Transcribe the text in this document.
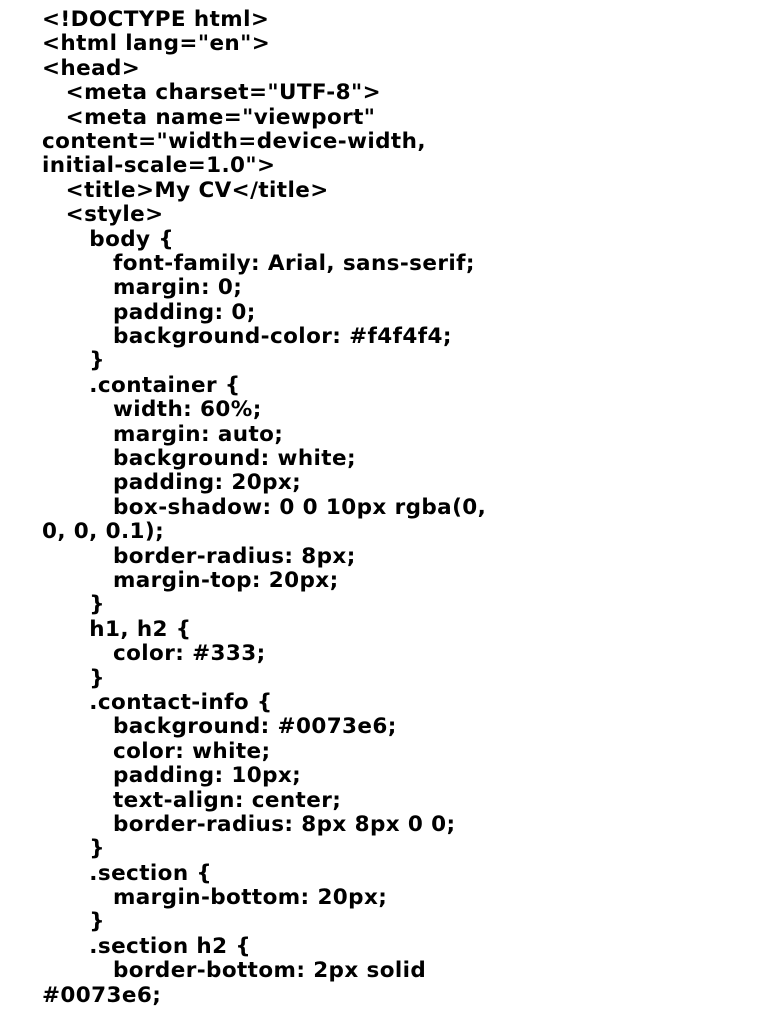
<!DOCTYPE html>
<html lang="en">
<head>
<meta charset="UTF-8">
<meta name="viewport"
content="width=device-width,
initial-scale=1.0">
<title>My CV</title>
<style>
body {
font-family: Arial, sans-serif;
margin: 0;
padding: 0;
background-color: #f4f4f4;
}
.container {
width: 60%;
margin: auto;
background: white;
padding: 20px;
box-shadow: 0 0 10px rgba(0,
0, 0, 0.1);
border-radius: 8px;
margin-top: 20px;
}
h1, h2 {
color: #333;
}
.contact-info {
background: #0073e6;
color: white;
padding: 10px;
text-align: center;
border-radius: 8px 8px 0 0;
}
.section {
margin-bottom: 20px;
}
.section h2 {
border-bottom: 2px solid
#0073e6;
